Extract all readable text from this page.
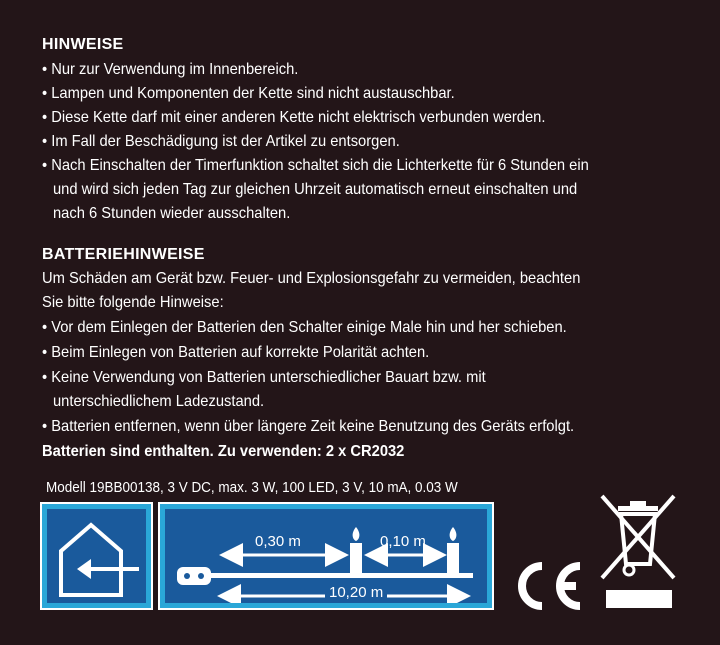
HINWEISE
• Nur zur Verwendung im Innenbereich.
• Lampen und Komponenten der Kette sind nicht austauschbar.
• Diese Kette darf mit einer anderen Kette nicht elektrisch verbunden werden.
• Im Fall der Beschädigung ist der Artikel zu entsorgen.
• Nach Einschalten der Timerfunktion schaltet sich die Lichterkette für 6 Stunden ein
und wird sich jeden Tag zur gleichen Uhrzeit automatisch erneut einschalten und
nach 6 Stunden wieder ausschalten.
BATTERIEHINWEISE
Um Schäden am Gerät bzw. Feuer- und Explosionsgefahr zu vermeiden, beachten
Sie bitte folgende Hinweise:
• Vor dem Einlegen der Batterien den Schalter einige Male hin und her schieben.
• Beim Einlegen von Batterien auf korrekte Polarität achten.
• Keine Verwendung von Batterien unterschiedlicher Bauart bzw. mit
unterschiedlichem Ladezustand.
• Batterien entfernen, wenn über längere Zeit keine Benutzung des Geräts erfolgt.
Batterien sind enthalten. Zu verwenden: 2 x CR2032
Modell 19BB00138, 3 V DC, max. 3 W, 100 LED, 3 V, 10 mA, 0.03 W
0,30 m	0,10 m
10,20 m
